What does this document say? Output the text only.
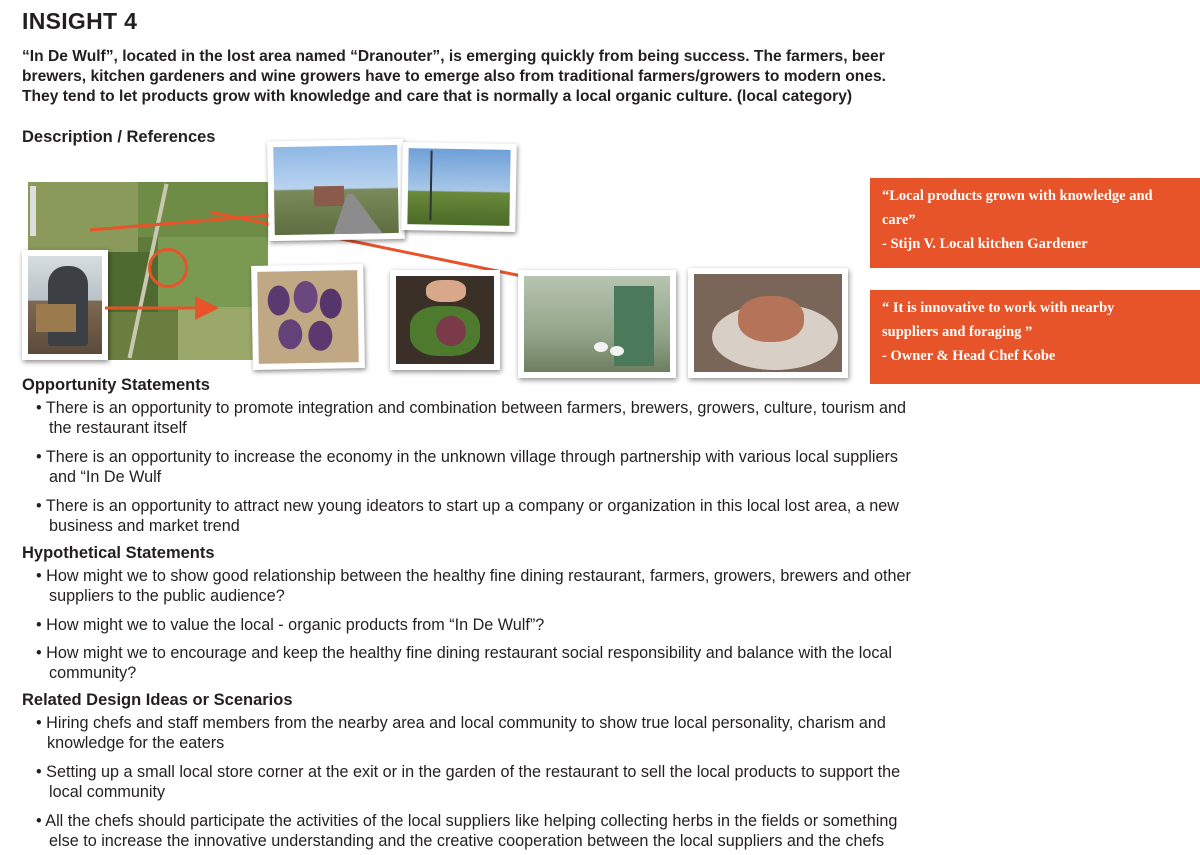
INSIGHT 4
“In De Wulf”, located in the lost area named “Dranouter”, is emerging quickly from being success. The farmers, beer
brewers, kitchen gardeners and wine growers have to emerge also from traditional farmers/growers to modern ones.
They tend to let products grow with knowledge and care that is normally a local organic culture. (local category)
Description / References
“Local products grown with knowledge and
care”
- Stijn V. Local kitchen Gardener
“ It is innovative to work with nearby
suppliers and foraging ”
- Owner & Head Chef Kobe
Opportunity Statements
• There is an opportunity to promote integration and combination between farmers, brewers, growers, culture, tourism and
the restaurant itself
• There is an opportunity to increase the economy in the unknown village through partnership with various local suppliers
and “In De Wulf
• There is an opportunity to attract new young ideators to start up a company or organization in this local lost area, a new
business and market trend
Hypothetical Statements
• How might we to show good relationship between the healthy fine dining restaurant, farmers, growers, brewers and other
suppliers to the public audience?
• How might we to value the local - organic products from “In De Wulf”?
• How might we to encourage and keep the healthy fine dining restaurant social responsibility and balance with the local
community?
Related Design Ideas or Scenarios
• Hiring chefs and staff members from the nearby area and local community to show true local personality, charism and
knowledge for the eaters
• Setting up a small local store corner at the exit or in the garden of the restaurant to sell the local products to support the
local community
• All the chefs should participate the activities of the local suppliers like helping collecting herbs in the fields or something
else to increase the innovative understanding and the creative cooperation between the local suppliers and the chefs
